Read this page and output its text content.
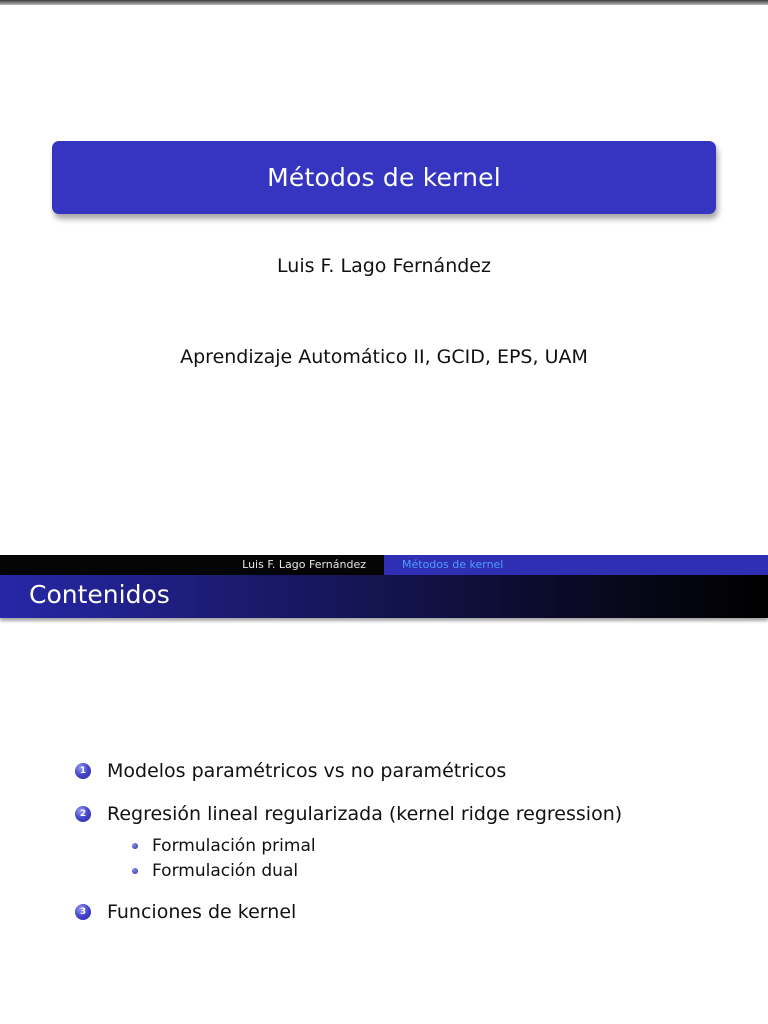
Métodos de kernel
Luis F. Lago Fernández
Aprendizaje Automático II, GCID, EPS, UAM
Luis F. Lago Fernández	Métodos de kernel
Contenidos
1 Modelos paramétricos vs no paramétricos
2 Regresión lineal regularizada (kernel ridge regression)
Formulación primal
Formulación dual
3 Funciones de kernel
